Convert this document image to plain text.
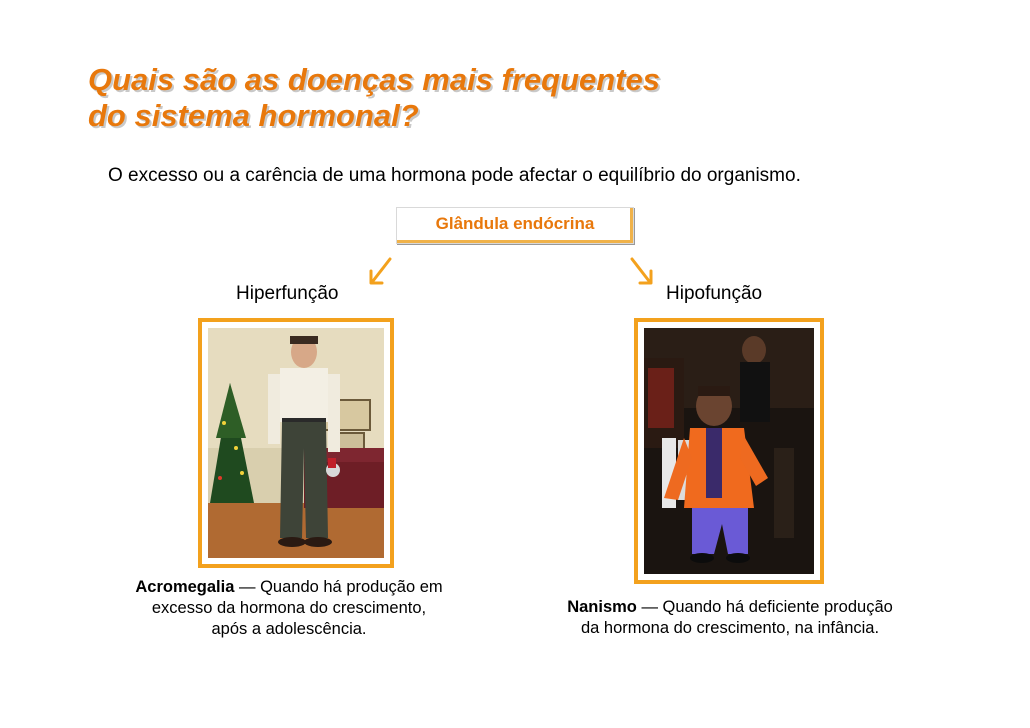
Quais são as doenças mais frequentes
do sistema hormonal?

O excesso ou a carência de uma hormona pode afectar o equilíbrio do organismo.

Glândula endócrina
Hiperfunção	Hipofunção

Acromegalia — Quando há produção em
excesso da hormona do crescimento,
após a adolescência.

Nanismo — Quando há deficiente produção
da hormona do crescimento, na infância.
